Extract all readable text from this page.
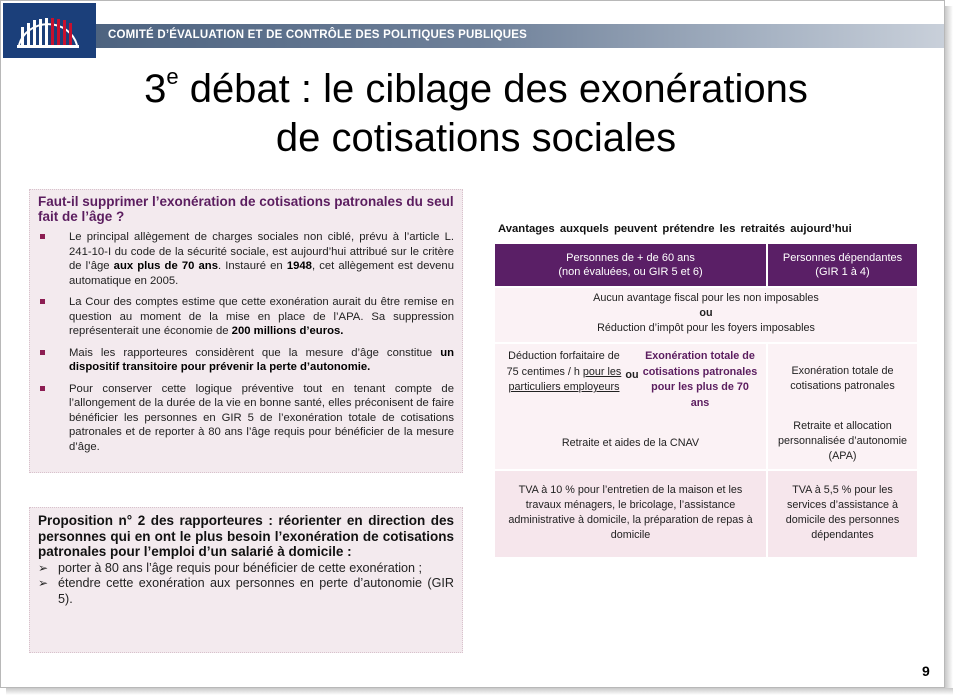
COMITÉ D’ÉVALUATION ET DE CONTRÔLE DES POLITIQUES PUBLIQUES
3e débat : le ciblage des exonérations
de cotisations sociales

Faut-il supprimer l’exonération de cotisations patronales du seul fait de l’âge ?

Le principal allègement de charges sociales non ciblé, prévu à l’article L. 241-10-I du code de la sécurité sociale, est aujourd’hui attribué sur le critère de l’âge aux plus de 70 ans. Instauré en 1948, cet allègement est devenu automatique en 2005.
La Cour des comptes estime que cette exonération aurait du être remise en question au moment de la mise en place de l’APA. Sa suppression représenterait une économie de 200 millions d’euros.
Mais les rapporteures considèrent que la mesure d’âge constitue un dispositif transitoire pour prévenir la perte d’autonomie.
Pour conserver cette logique préventive tout en tenant compte de l’allongement de la durée de la vie en bonne santé, elles préconisent de faire bénéficier les personnes en GIR 5 de l’exonération totale de cotisations patronales et de reporter à 80 ans l’âge requis pour bénéficier de la mesure d’âge.

Proposition n° 2 des rapporteures : réorienter en direction des personnes qui en ont le plus besoin l’exonération de cotisations patronales pour l’emploi d’un salarié à domicile :

➢ porter à 80 ans l’âge requis pour bénéficier de cette exonération ;
➢ étendre cette exonération aux personnes en perte d’autonomie (GIR 5).
Avantages auxquels peuvent prétendre les retraités aujourd’hui
Personnes de + de 60 ans
(non évaluées, ou GIR 5 et 6)
Personnes dépendantes
(GIR 1 à 4)
Aucun avantage fiscal pour les non imposables
ou
Réduction d’impôt pour les foyers imposables
Déduction forfaitaire de 75 centimes / h pour les particuliers employeurs
ou
Exonération totale de cotisations patronales pour les plus de 70 ans
Retraite et aides de la CNAV
Exonération totale de cotisations patronales
Retraite et allocation personnalisée d’autonomie (APA)
TVA à 10 % pour l’entretien de la maison et les travaux ménagers, le bricolage, l’assistance administrative à domicile, la préparation de repas à domicile
TVA à 5,5 % pour les services d’assistance à domicile des personnes dépendantes
9
